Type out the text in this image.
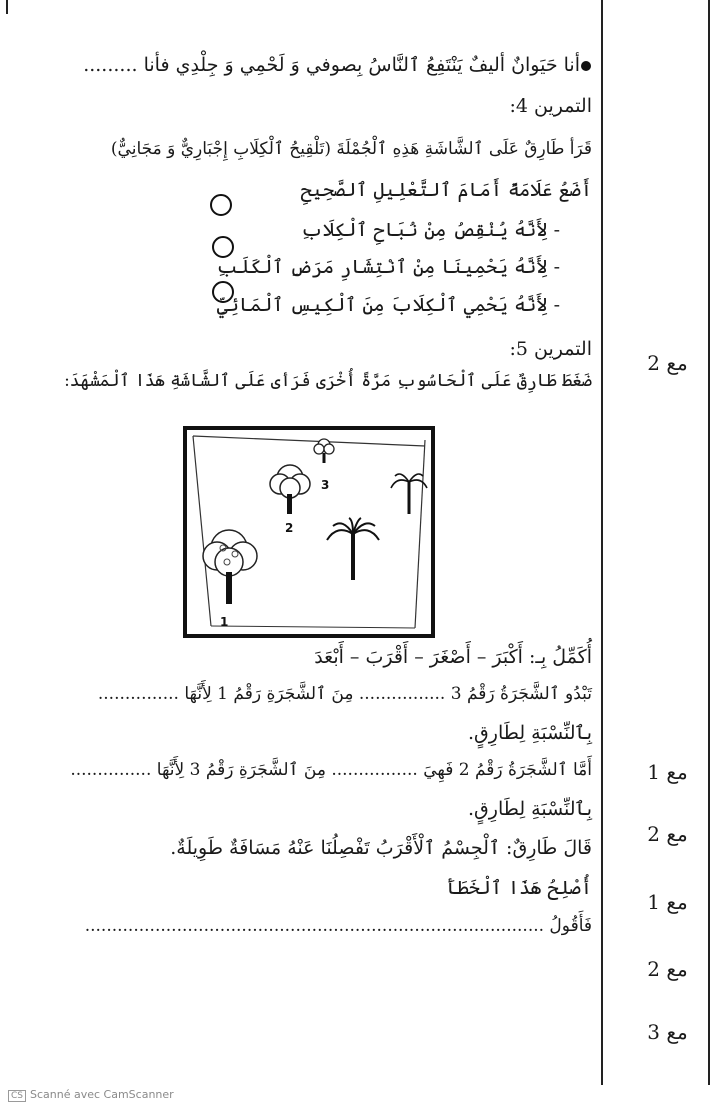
أنا حَيَوانٌ أليفٌ يَنْتَفِعُ ٱلنَّاسُ بِصوفي وَ لَحْمِي وَ جِلْدِي فأنا .........
التمرين 4:
قَرَأ طَارِقٌ عَلَى ٱلشَّاشَةِ هَذِهِ ٱلْجُمْلَةَ (تَلْقِيحُ ٱلْكِلَابِ إِجْبَارِيٌّ وَ مَجَانِيٌّ)
أَضَعُ عَلَامَةً أَمَامَ ٱلتَّعْلِيلِ ٱلصَّحِيحِ
- لِأَنَّهُ يُنْقِصُ مِنْ نُبَاحِ ٱلْكِلَابِ
- لِأَنَّهُ يَحْمِينَا مِنْ ٱنْتِشَارِ مَرَضِ ٱلْكَلَبِ
- لِأَنَّهُ يَحْمِي ٱلْكِلَابَ مِنَ ٱلْكِيسِ ٱلْمَائِيِّ
التمرين 5:
ضَغَطَ طَارِقٌ عَلَى ٱلْحَاسُوبِ مَرَّةً أُخْرَى فَرَأى عَلَى ٱلشَّاشَةِ هَذَا ٱلْمَشْهَدَ:
1
2
3
أُكَمِّلُ بِـ: أَكْبَرَ – أَصْغَرَ – أَقْرَبَ – أَبْعَدَ
تَبْدُو ٱلشَّجَرَةُ رَقْمُ 3 ................ مِنَ ٱلشَّجَرَةِ رَقْمُ 1 لِأَنَّهَا ...............
بِٱلنِّسْبَةِ لِطَارِقٍ.
أَمَّا ٱلشَّجَرَةُ رَقْمُ 2 فَهِيَ ................ مِنَ ٱلشَّجَرَةِ رَقْمُ 3 لِأَنَّهَا ...............
بِٱلنِّسْبَةِ لِطَارِقٍ.
قَالَ طَارِقٌ: ٱلْجِسْمُ ٱلْأَقْرَبُ تَفْصِلُنَا عَنْهُ مَسَافَةٌ طَوِيلَةٌ.
أُصْلِحُ هَذَا ٱلْخَطَأَ
فَأَقُولُ .....................................................................................
مع 2
مع 1
مع 2
مع 1
مع 2
مع 3
CS Scanné avec CamScanner
